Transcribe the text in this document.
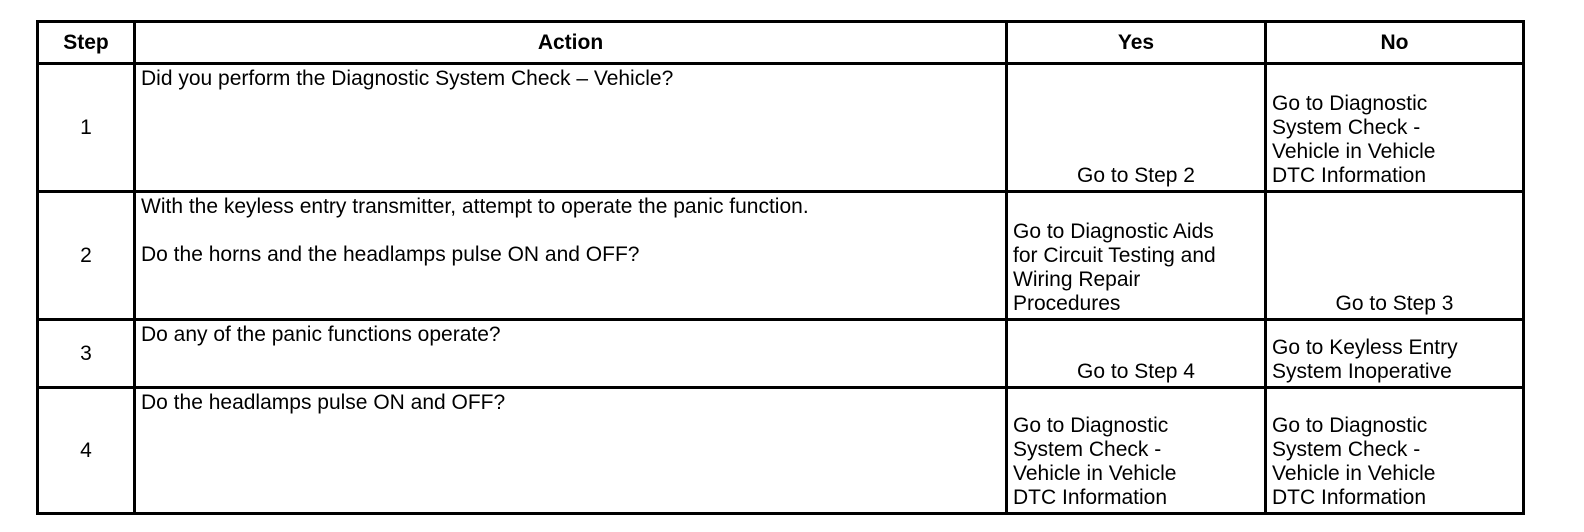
Step	Action	Yes	No
1	Did you perform the Diagnostic System Check – Vehicle?	Go to Step 2	Go to Diagnostic
System Check -
Vehicle in Vehicle
DTC Information
2	With the keyless entry transmitter, attempt to operate the panic function.
Do the horns and the headlamps pulse ON and OFF?	Go to Diagnostic Aids
for Circuit Testing and
Wiring Repair
Procedures	Go to Step 3
3	Do any of the panic functions operate?	Go to Step 4	Go to Keyless Entry
System Inoperative
4	Do the headlamps pulse ON and OFF?	Go to Diagnostic
System Check -
Vehicle in Vehicle
DTC Information	Go to Diagnostic
System Check -
Vehicle in Vehicle
DTC Information
